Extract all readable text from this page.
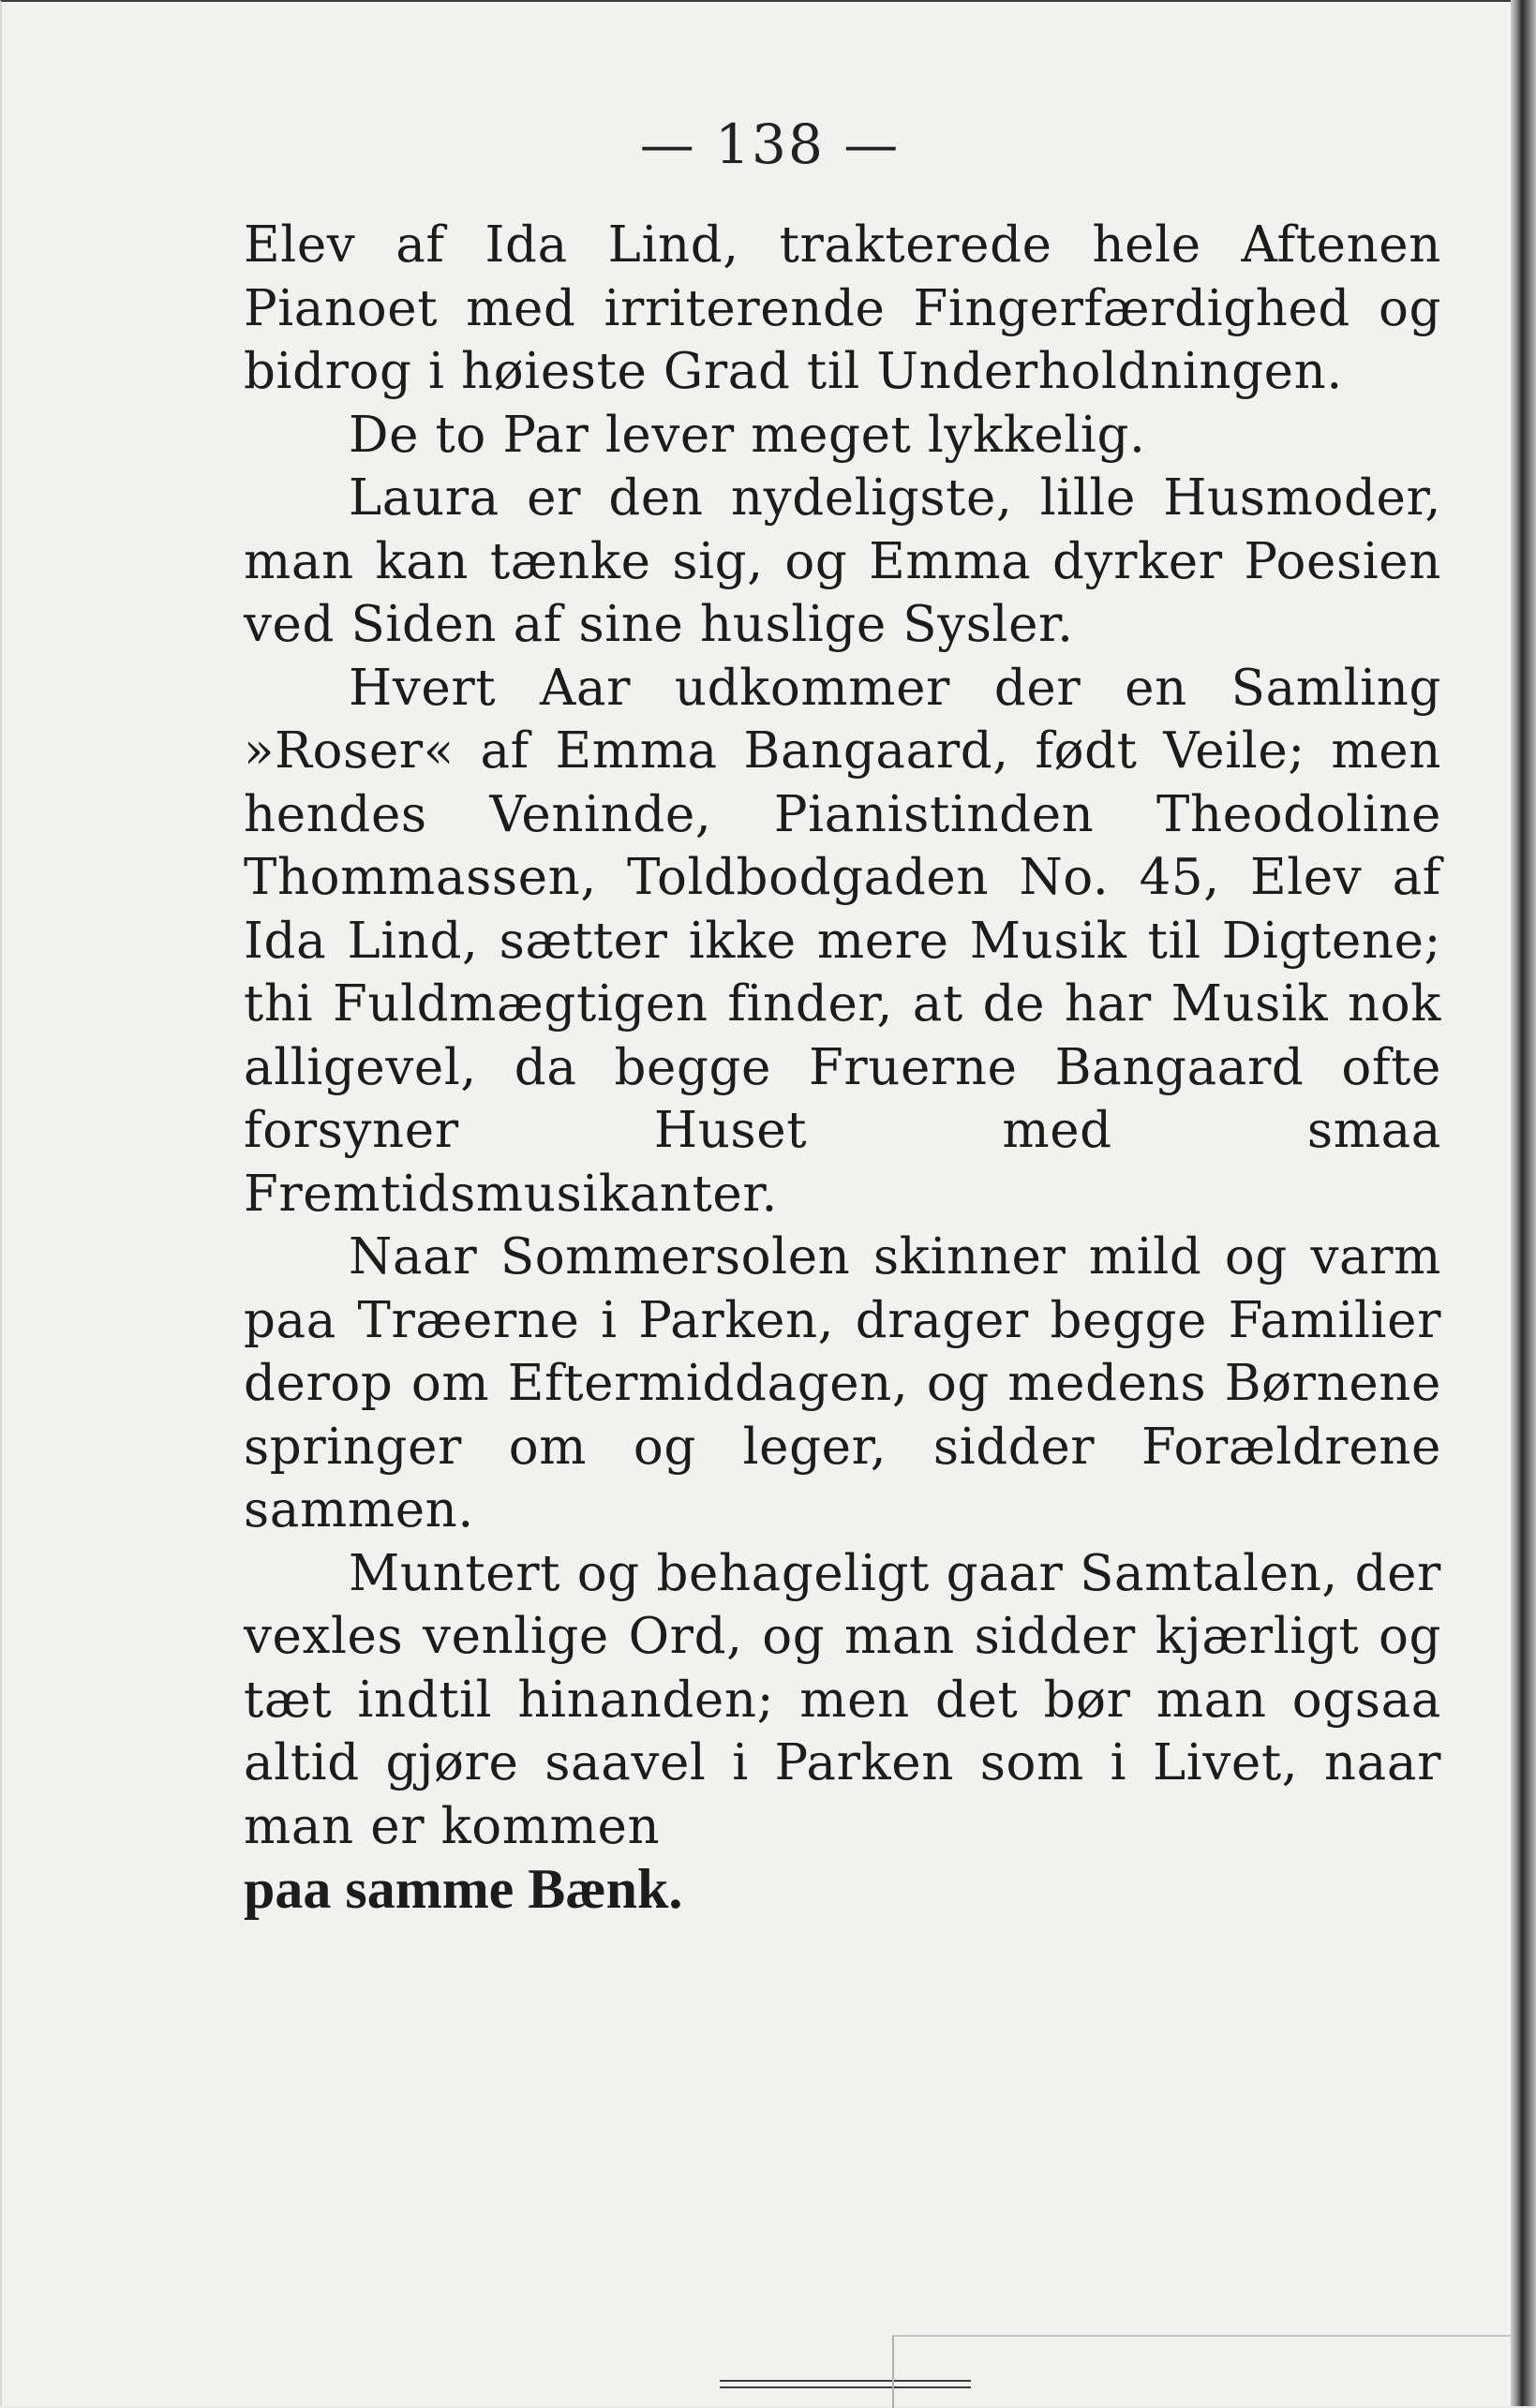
— 138 —

Elev af Ida Lind, trakterede hele Aftenen Pianoet med irriterende Fingerfærdighed og bidrog i høieste Grad til Underholdningen.

De to Par lever meget lykkelig.

Laura er den nydeligste, lille Husmoder, man kan tænke sig, og Emma dyrker Poesien ved Siden af sine huslige Sysler.

Hvert Aar udkommer der en Samling »Roser« af Emma Bangaard, født Veile; men hendes Veninde, Pianistinden Theodoline Thommassen, Toldbodgaden No. 45, Elev af Ida Lind, sætter ikke mere Musik til Digtene; thi Fuldmægtigen finder, at de har Musik nok alligevel, da begge Fruerne Bangaard ofte forsyner Huset med smaa Fremtidsmusikanter.

Naar Sommersolen skinner mild og varm paa Træerne i Parken, drager begge Familier derop om Eftermiddagen, og medens Børnene springer om og leger, sidder Forældrene sammen.

Muntert og behageligt gaar Samtalen, der vexles venlige Ord, og man sidder kjærligt og tæt indtil hinanden; men det bør man ogsaa altid gjøre saavel i Parken som i Livet, naar man er kommen

paa samme Bænk.
